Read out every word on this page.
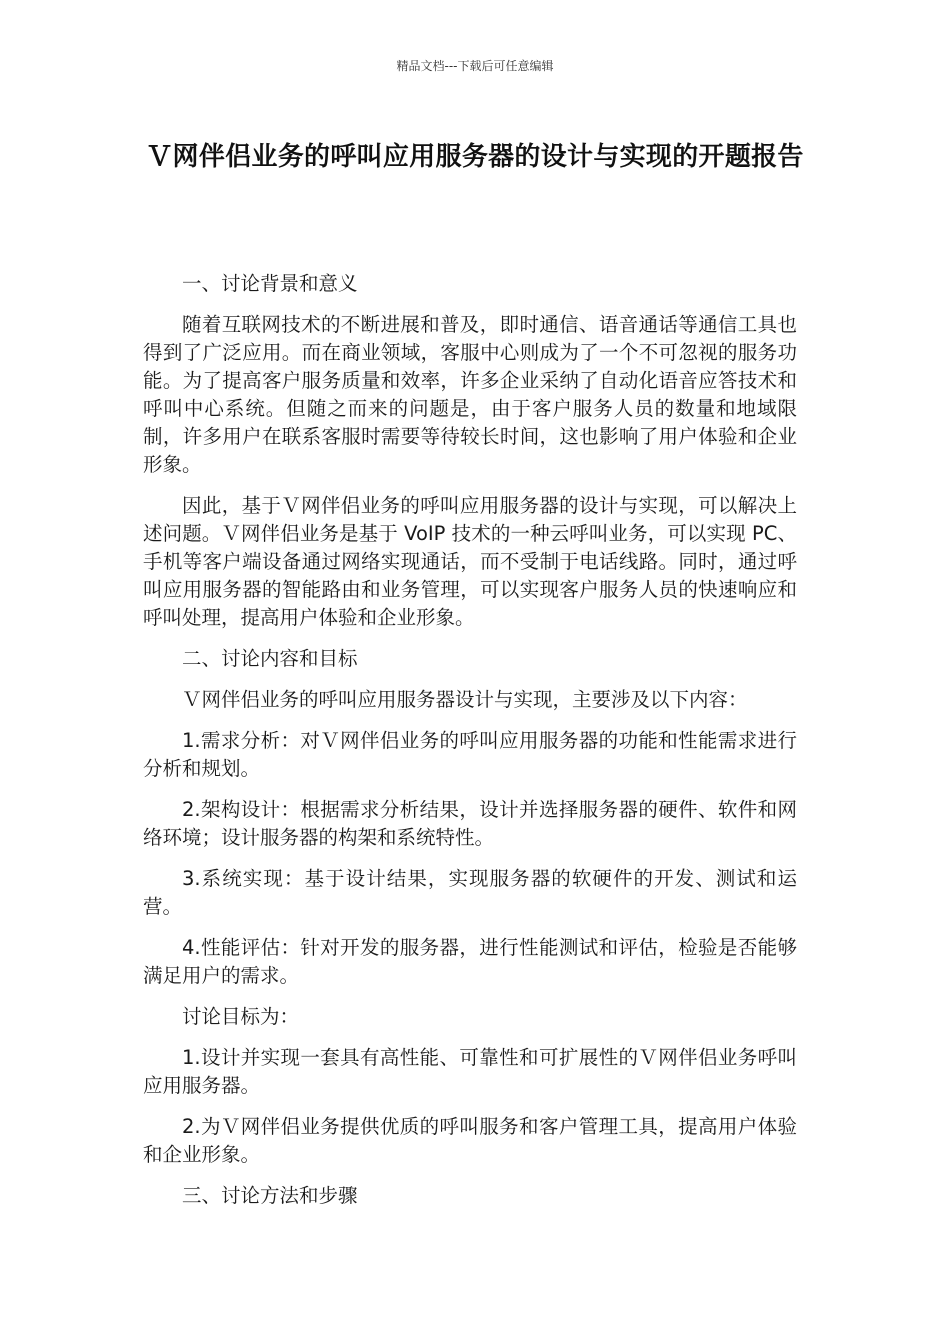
精品文档---下载后可任意编辑
Ｖ网伴侣业务的呼叫应用服务器的设计与实现的开题报告

一、讨论背景和意义

随着互联网技术的不断进展和普及，即时通信、语音通话等通信工具也得到了广泛应用。而在商业领域，客服中心则成为了一个不可忽视的服务功能。为了提高客户服务质量和效率，许多企业采纳了自动化语音应答技术和呼叫中心系统。但随之而来的问题是，由于客户服务人员的数量和地域限制，许多用户在联系客服时需要等待较长时间，这也影响了用户体验和企业形象。

因此，基于Ｖ网伴侣业务的呼叫应用服务器的设计与实现，可以解决上述问题。Ｖ网伴侣业务是基于 VoIP 技术的一种云呼叫业务，可以实现 PC、手机等客户端设备通过网络实现通话，而不受制于电话线路。同时，通过呼叫应用服务器的智能路由和业务管理，可以实现客户服务人员的快速响应和呼叫处理，提高用户体验和企业形象。

二、讨论内容和目标

Ｖ网伴侣业务的呼叫应用服务器设计与实现，主要涉及以下内容：

1.需求分析：对Ｖ网伴侣业务的呼叫应用服务器的功能和性能需求进行分析和规划。

2.架构设计：根据需求分析结果，设计并选择服务器的硬件、软件和网络环境；设计服务器的构架和系统特性。

3.系统实现：基于设计结果，实现服务器的软硬件的开发、测试和运营。

4.性能评估：针对开发的服务器，进行性能测试和评估，检验是否能够满足用户的需求。

讨论目标为：

1.设计并实现一套具有高性能、可靠性和可扩展性的Ｖ网伴侣业务呼叫应用服务器。

2.为Ｖ网伴侣业务提供优质的呼叫服务和客户管理工具，提高用户体验和企业形象。

三、讨论方法和步骤
